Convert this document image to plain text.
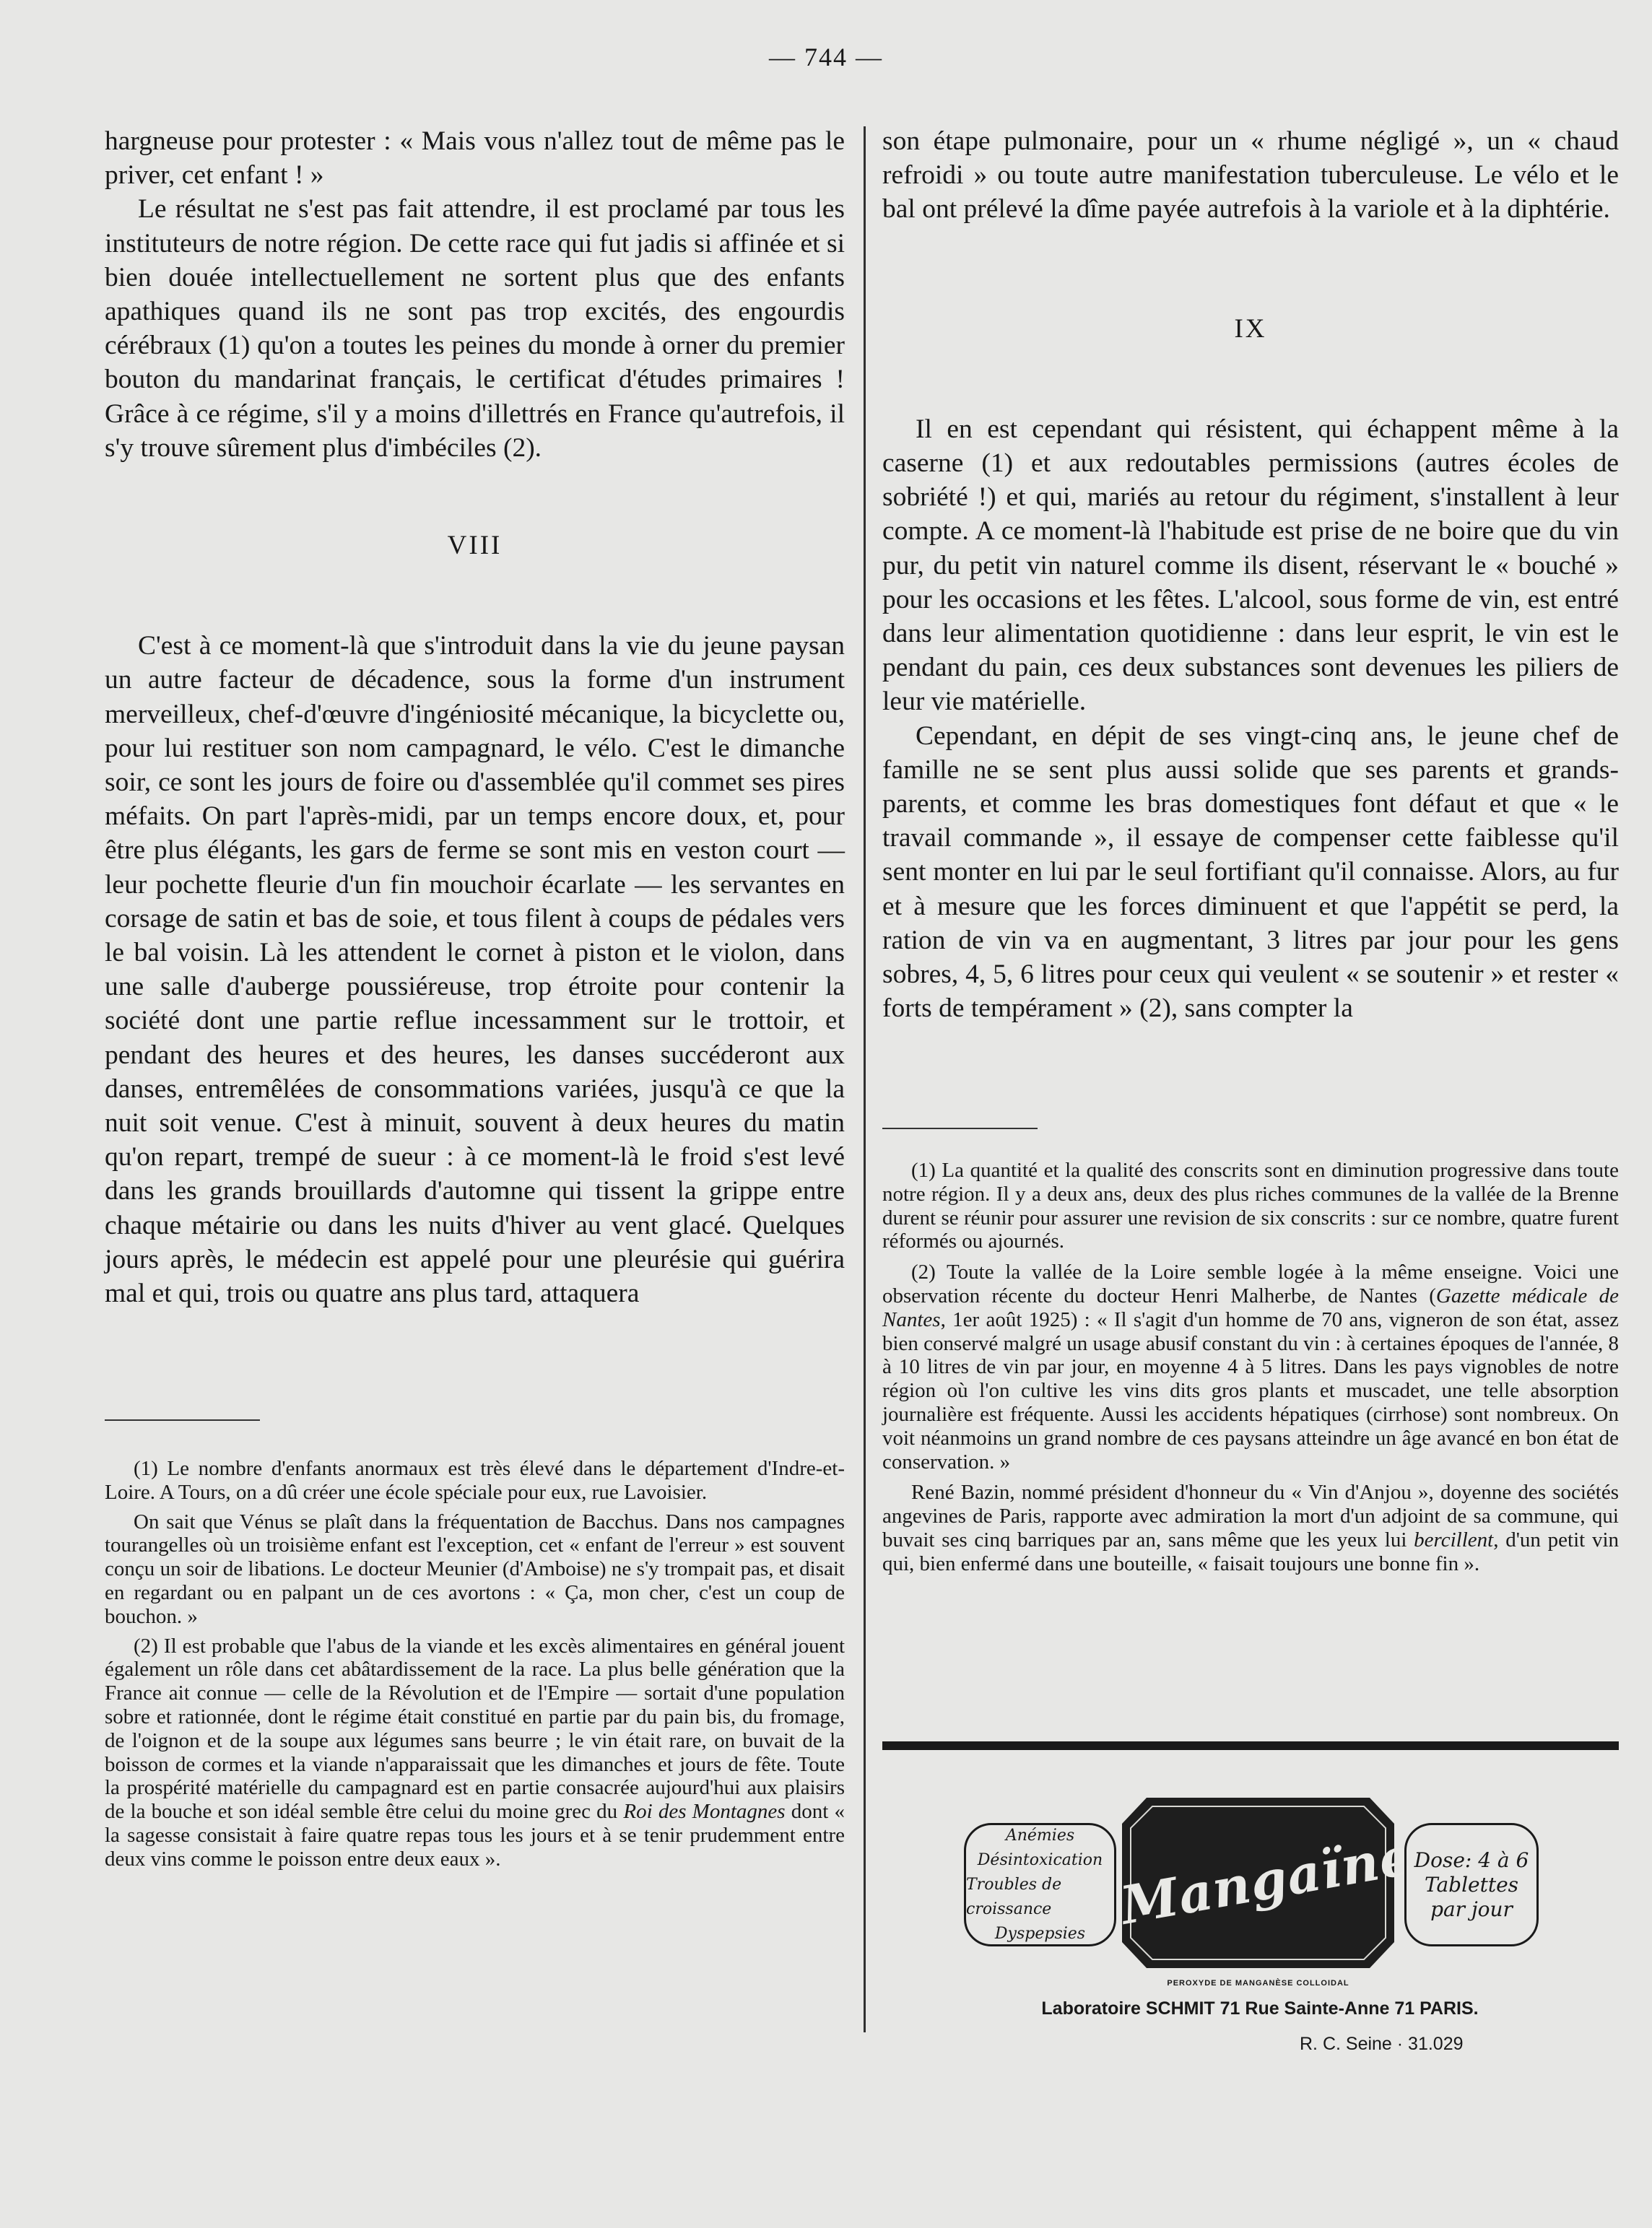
— 744 —

hargneuse pour protester : « Mais vous n'allez tout de même pas le priver, cet enfant ! »

Le résultat ne s'est pas fait attendre, il est proclamé par tous les instituteurs de notre région. De cette race qui fut jadis si affinée et si bien douée intellectuellement ne sortent plus que des enfants apathiques quand ils ne sont pas trop excités, des engourdis cérébraux (1) qu'on a toutes les peines du monde à orner du premier bouton du mandarinat français, le certificat d'études primaires ! Grâce à ce régime, s'il y a moins d'illettrés en France qu'autrefois, il s'y trouve sûrement plus d'imbéciles (2).

VIII

C'est à ce moment-là que s'introduit dans la vie du jeune paysan un autre facteur de décadence, sous la forme d'un instrument merveilleux, chef-d'œuvre d'ingéniosité mécanique, la bicyclette ou, pour lui restituer son nom campagnard, le vélo. C'est le dimanche soir, ce sont les jours de foire ou d'assemblée qu'il commet ses pires méfaits. On part l'après-midi, par un temps encore doux, et, pour être plus élégants, les gars de ferme se sont mis en veston court — leur pochette fleurie d'un fin mouchoir écarlate — les servantes en corsage de satin et bas de soie, et tous filent à coups de pédales vers le bal voisin. Là les attendent le cornet à piston et le violon, dans une salle d'auberge poussiéreuse, trop étroite pour contenir la société dont une partie reflue incessamment sur le trottoir, et pendant des heures et des heures, les danses succéderont aux danses, entremêlées de consommations variées, jusqu'à ce que la nuit soit venue. C'est à minuit, souvent à deux heures du matin qu'on repart, trempé de sueur : à ce moment-là le froid s'est levé dans les grands brouillards d'automne qui tissent la grippe entre chaque métairie ou dans les nuits d'hiver au vent glacé. Quelques jours après, le médecin est appelé pour une pleurésie qui guérira mal et qui, trois ou quatre ans plus tard, attaquera

son étape pulmonaire, pour un « rhume négligé », un « chaud refroidi » ou toute autre manifestation tuberculeuse. Le vélo et le bal ont prélevé la dîme payée autrefois à la variole et à la diphtérie.

IX

Il en est cependant qui résistent, qui échappent même à la caserne (1) et aux redoutables permissions (autres écoles de sobriété !) et qui, mariés au retour du régiment, s'installent à leur compte. A ce moment-là l'habitude est prise de ne boire que du vin pur, du petit vin naturel comme ils disent, réservant le « bouché » pour les occasions et les fêtes. L'alcool, sous forme de vin, est entré dans leur alimentation quotidienne : dans leur esprit, le vin est le pendant du pain, ces deux substances sont devenues les piliers de leur vie matérielle.

Cependant, en dépit de ses vingt-cinq ans, le jeune chef de famille ne se sent plus aussi solide que ses parents et grands-parents, et comme les bras domestiques font défaut et que « le travail commande », il essaye de compenser cette faiblesse qu'il sent monter en lui par le seul fortifiant qu'il connaisse. Alors, au fur et à mesure que les forces diminuent et que l'appétit se perd, la ration de vin va en augmentant, 3 litres par jour pour les gens sobres, 4, 5, 6 litres pour ceux qui veulent « se soutenir » et rester « forts de tempérament » (2), sans compter la

(1) Le nombre d'enfants anormaux est très élevé dans le département d'Indre-et-Loire. A Tours, on a dû créer une école spéciale pour eux, rue Lavoisier.

On sait que Vénus se plaît dans la fréquentation de Bacchus. Dans nos campagnes tourangelles où un troisième enfant est l'exception, cet « enfant de l'erreur » est souvent conçu un soir de libations. Le docteur Meunier (d'Amboise) ne s'y trompait pas, et disait en regardant ou en palpant un de ces avortons : « Ça, mon cher, c'est un coup de bouchon. »

(2) Il est probable que l'abus de la viande et les excès alimentaires en général jouent également un rôle dans cet abâtardissement de la race. La plus belle génération que la France ait connue — celle de la Révolution et de l'Empire — sortait d'une population sobre et rationnée, dont le régime était constitué en partie par du pain bis, du fromage, de l'oignon et de la soupe aux légumes sans beurre ; le vin était rare, on buvait de la boisson de cormes et la viande n'apparaissait que les dimanches et jours de fête. Toute la prospérité matérielle du campagnard est en partie consacrée aujourd'hui aux plaisirs de la bouche et son idéal semble être celui du moine grec du Roi des Montagnes dont « la sagesse consistait à faire quatre repas tous les jours et à se tenir prudemment entre deux vins comme le poisson entre deux eaux ».

(1) La quantité et la qualité des conscrits sont en diminution progressive dans toute notre région. Il y a deux ans, deux des plus riches communes de la vallée de la Brenne durent se réunir pour assurer une revision de six conscrits : sur ce nombre, quatre furent réformés ou ajournés.

(2) Toute la vallée de la Loire semble logée à la même enseigne. Voici une observation récente du docteur Henri Malherbe, de Nantes (Gazette médicale de Nantes, 1er août 1925) : « Il s'agit d'un homme de 70 ans, vigneron de son état, assez bien conservé malgré un usage abusif constant du vin : à certaines époques de l'année, 8 à 10 litres de vin par jour, en moyenne 4 à 5 litres. Dans les pays vignobles de notre région où l'on cultive les vins dits gros plants et muscadet, une telle absorption journalière est fréquente. Aussi les accidents hépatiques (cirrhose) sont nombreux. On voit néanmoins un grand nombre de ces paysans atteindre un âge avancé en bon état de conservation. »

René Bazin, nommé président d'honneur du « Vin d'Anjou », doyenne des sociétés angevines de Paris, rapporte avec admiration la mort d'un adjoint de sa commune, qui buvait ses cinq barriques par an, sans même que les yeux lui bercillent, d'un petit vin qui, bien enfermé dans une bouteille, « faisait toujours une bonne fin ».

Anémies
Désintoxication
Troubles de croissance
Dyspepsies Mangaïne
Dose: 4 à 6
Tablettes
par jour
PEROXYDE DE MANGANÈSE COLLOIDAL
Laboratoire SCHMIT 71 Rue Sainte-Anne 71 PARIS.
R. C. Seine · 31.029
